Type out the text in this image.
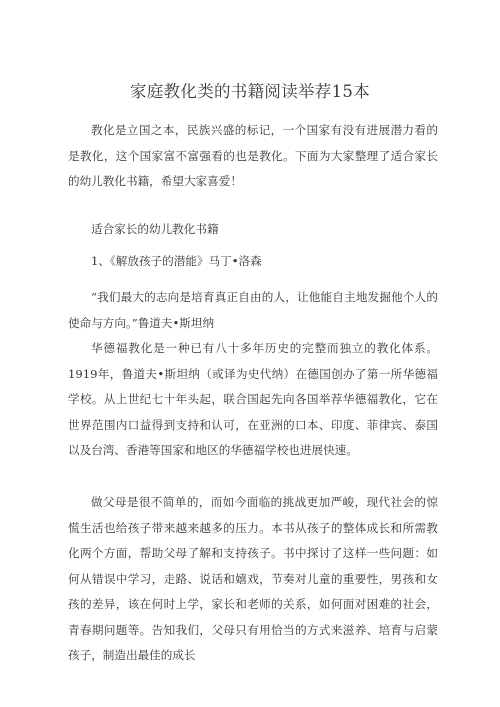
家庭教化类的书籍阅读举荐15本

教化是立国之本，民族兴盛的标记，一个国家有没有进展潜力看的是教化，这个国家富不富强看的也是教化。下面为大家整理了适合家长的幼儿教化书籍，希望大家喜爱！

适合家长的幼儿教化书籍

1、《解放孩子的潜能》马丁•洛森

“我们最大的志向是培育真正自由的人，让他能自主地发掘他个人的使命与方向。”鲁道夫•斯坦纳

华德福教化是一种已有八十多年历史的完整而独立的教化体系。1919年，鲁道夫•斯坦纳（或译为史代纳）在德国创办了第一所华德福学校。从上世纪七十年头起，联合国起先向各国举荐华德福教化，它在世界范围内口益得到支持和认可，在亚洲的口本、印度、菲律宾、泰国以及台湾、香港等国家和地区的华德福学校也进展快速。

做父母是很不简单的，而如今面临的挑战更加严峻，现代社会的惊慌生活也给孩子带来越来越多的压力。本书从孩子的整体成长和所需教化两个方面，帮助父母了解和支持孩子。书中探讨了这样一些问题：如何从错误中学习，走路、说话和嬉戏，节奏对儿童的重要性，男孩和女孩的差异，该在何时上学，家长和老师的关系，如何面对困难的社会，青春期问题等。告知我们，父母只有用恰当的方式来滋养、培育与启蒙孩子，制造出最佳的成长
